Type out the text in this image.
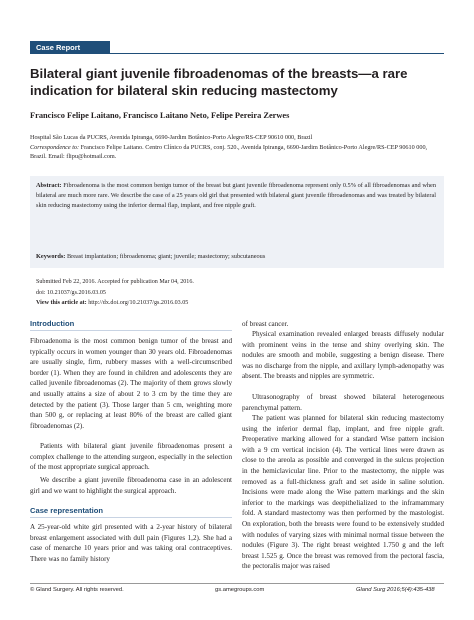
Case Report
Bilateral giant juvenile fibroadenomas of the breasts—a rare indication for bilateral skin reducing mastectomy
Francisco Felipe Laitano, Francisco Laitano Neto, Felipe Pereira Zerwes
Hospital São Lucas da PUCRS, Avenida Ipiranga, 6690-Jardim Botânico-Porto Alegre/RS-CEP 90610 000, Brazil
Correspondence to: Francisco Felipe Laitano. Centro Clínico da PUCRS, conj. 520., Avenida Ipiranga, 6690-Jardim Botânico-Porto Alegre/RS-CEP 90610 000, Brazil. Email: flipu@hotmail.com.
Abstract: Fibroadenoma is the most common benign tumor of the breast but giant juvenile fibroadenoma represent only 0.5% of all fibroadenomas and when bilateral are much more rare. We describe the case of a 25 years old girl that presented with bilateral giant juvenile fibroadenomas and was treated by bilateral skin reducing mastectomy using the inferior dermal flap, implant, and free nipple graft.
Keywords: Breast implantation; fibroadenoma; giant; juvenile; mastectomy; subcutaneous
Submitted Feb 22, 2016. Accepted for publication Mar 04, 2016.
doi: 10.21037/gs.2016.03.05
View this article at: http://dx.doi.org/10.21037/gs.2016.03.05
Introduction
Fibroadenoma is the most common benign tumor of the breast and typically occurs in women younger than 30 years old. Fibroadenomas are usually single, firm, rubbery masses with a well-circumscribed border (1). When they are found in children and adolescents they are called juvenile fibroadenomas (2). The majority of them grows slowly and usually attains a size of about 2 to 3 cm by the time they are detected by the patient (3). Those larger than 5 cm, weighting more than 500 g, or replacing at least 80% of the breast are called giant fibroadenomas (2).
Patients with bilateral giant juvenile fibroadenomas present a complex challenge to the attending surgeon, especially in the selection of the most appropriate surgical approach.
We describe a giant juvenile fibroadenoma case in an adolescent girl and we want to highlight the surgical approach.
Case representation
A 25-year-old white girl presented with a 2-year history of bilateral breast enlargement associated with dull pain (Figures 1,2). She had a case of menarche 10 years prior and was taking oral contraceptives. There was no family history
of breast cancer.
Physical examination revealed enlarged breasts diffusely nodular with prominent veins in the tense and shiny overlying skin. The nodules are smooth and mobile, suggesting a benign disease. There was no discharge from the nipple, and axillary lymph-adenopathy was absent. The breasts and nipples are symmetric.
Ultrasonography of breast showed bilateral heterogeneous parenchymal pattern.
The patient was planned for bilateral skin reducing mastectomy using the inferior dermal flap, implant, and free nipple graft. Preoperative marking allowed for a standard Wise pattern incision with a 9 cm vertical incision (4). The vertical lines were drawn as close to the areola as possible and converged in the sulcus projection in the hemiclavicular line. Prior to the mastectomy, the nipple was removed as a full-thickness graft and set aside in saline solution. Incisions were made along the Wise pattern markings and the skin inferior to the markings was deepithelialized to the inframammary fold. A standard mastectomy was then performed by the mastologist. On exploration, both the breasts were found to be extensively studded with nodules of varying sizes with minimal normal tissue between the nodules (Figure 3). The right breast weighted 1.750 g and the left breast 1.525 g. Once the breast was removed from the pectoral fascia, the pectoralis major was raised
© Gland Surgery. All rights reserved.	gs.amegroups.com	Gland Surg 2016;5(4):435-438
